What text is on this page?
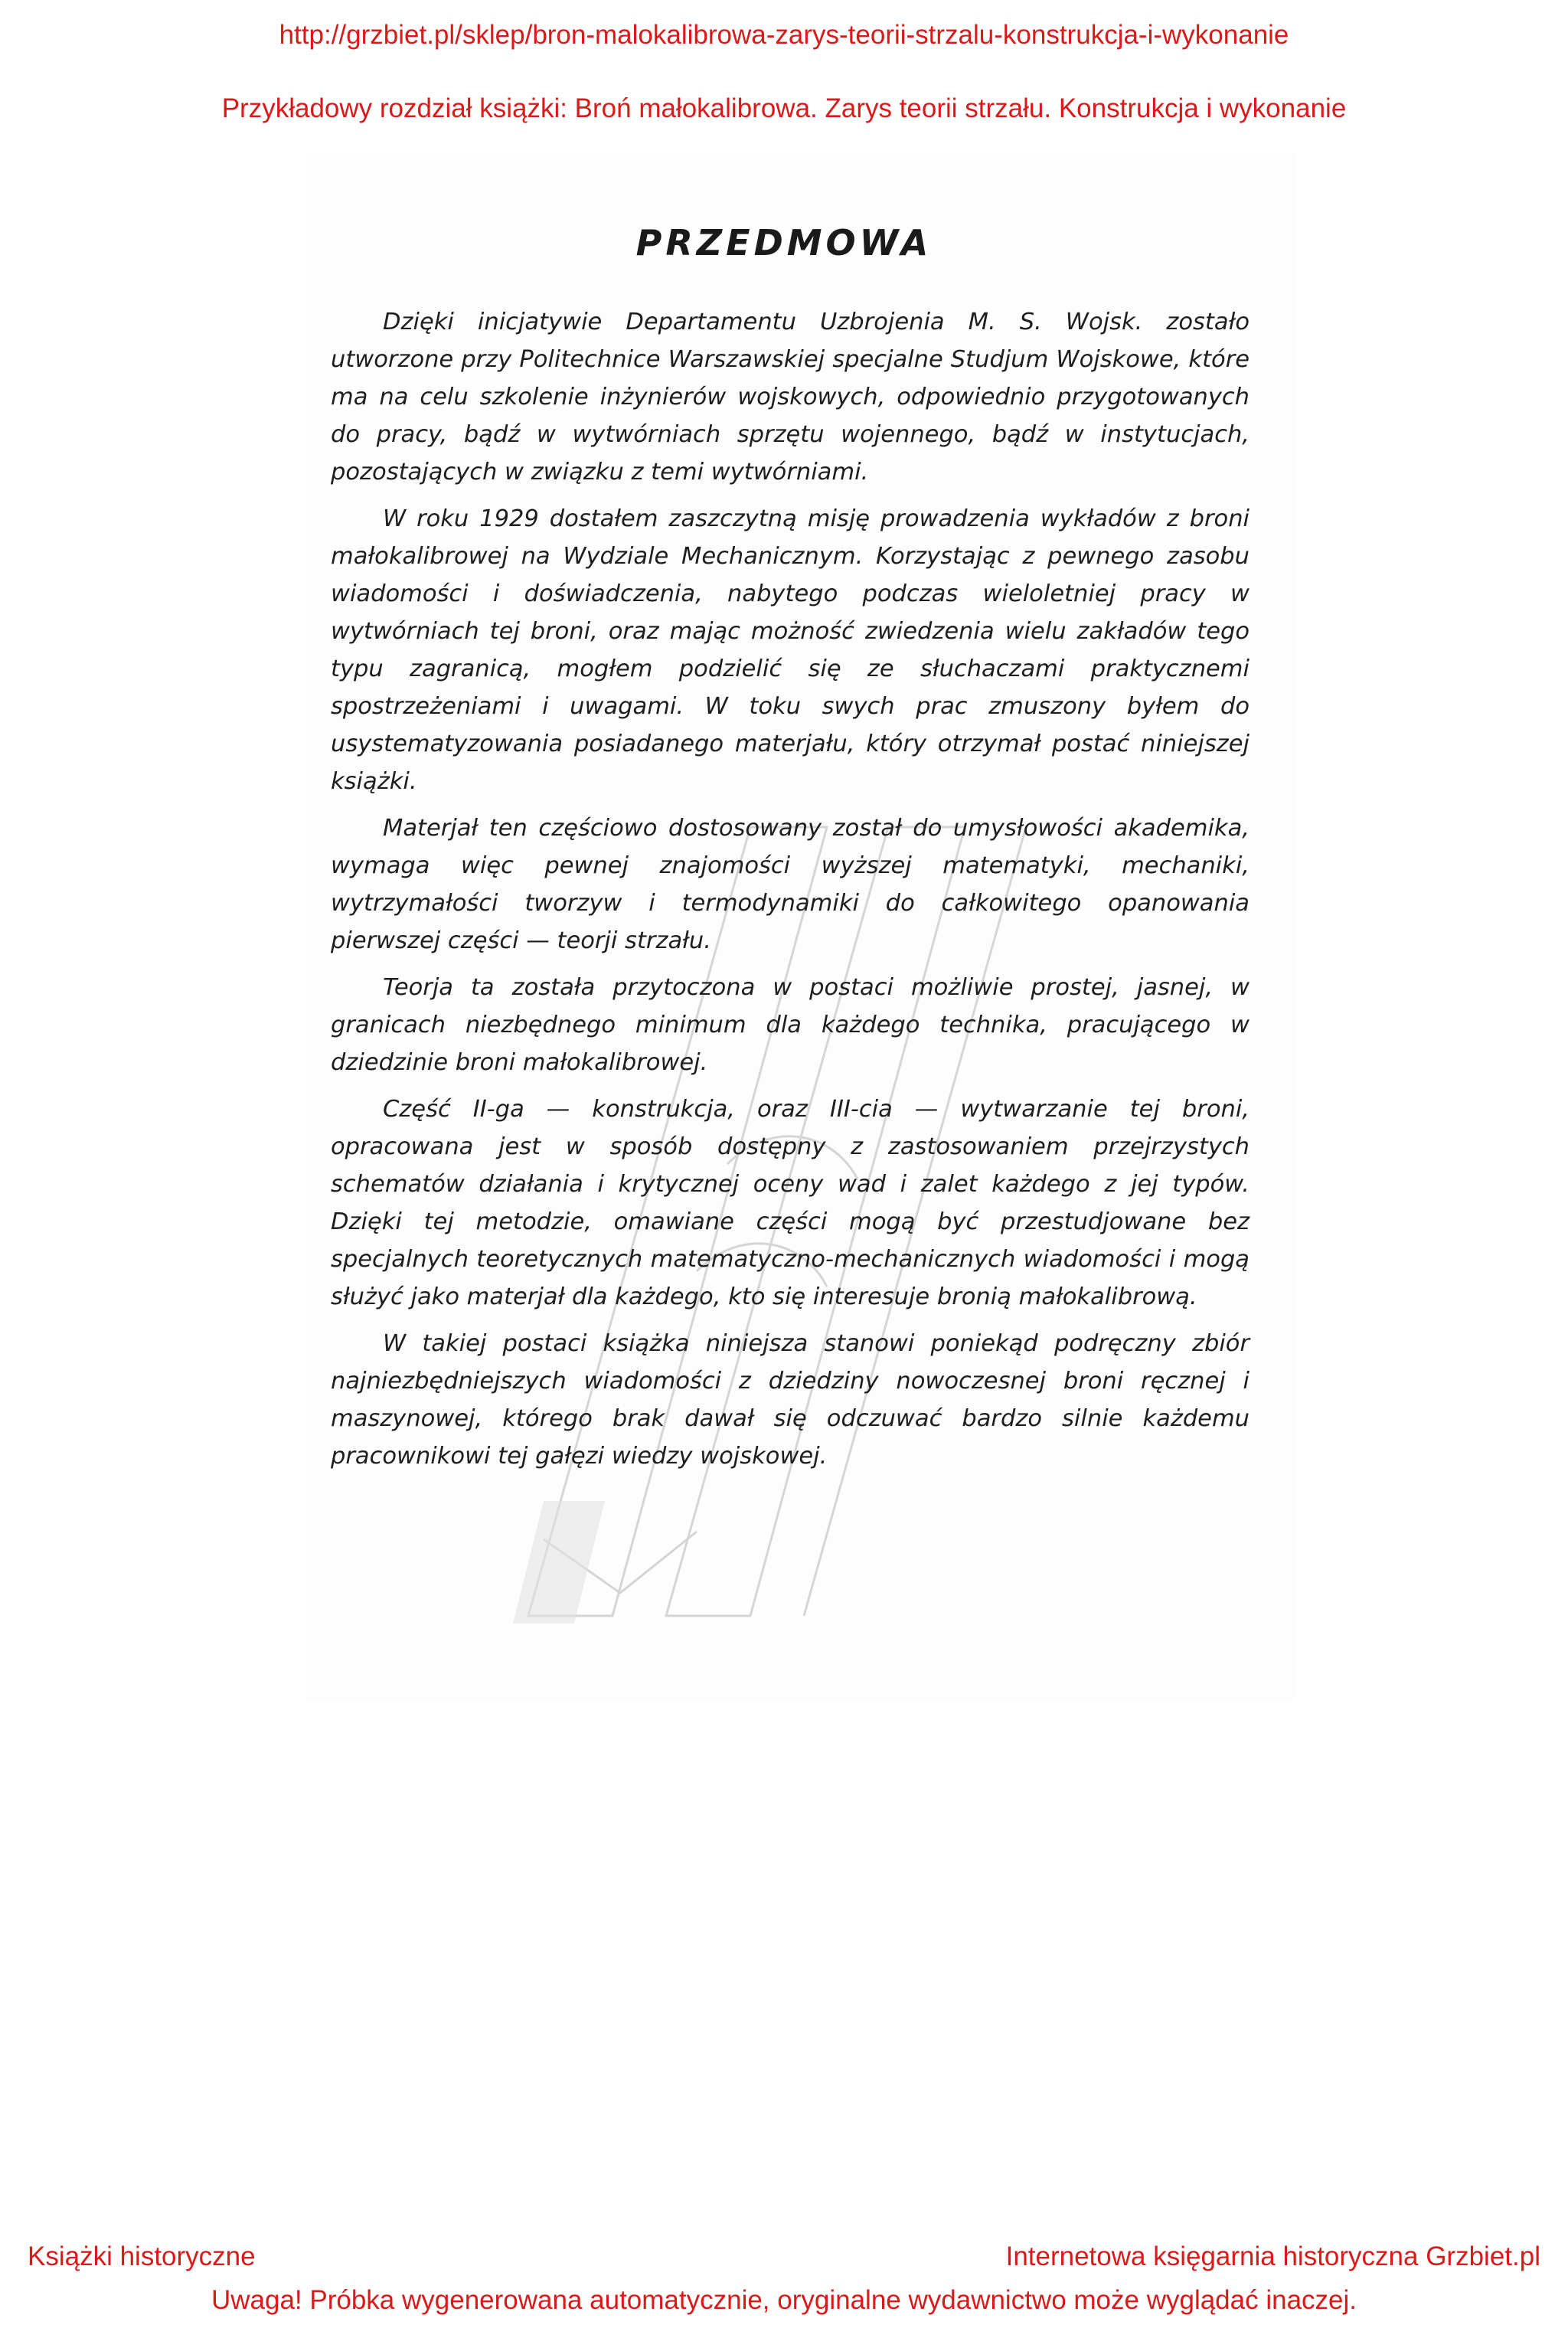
http://grzbiet.pl/sklep/bron-malokalibrowa-zarys-teorii-strzalu-konstrukcja-i-wykonanie
Przykładowy rozdział książki: Broń małokalibrowa. Zarys teorii strzału. Konstrukcja i wykonanie
PRZEDMOWA

Dzięki inicjatywie Departamentu Uzbrojenia M. S. Wojsk. zostało utworzone przy Politechnice Warszawskiej specjalne Studjum Wojskowe, które ma na celu szkolenie inżynierów wojskowych, odpowiednio przygotowanych do pracy, bądź w wytwórniach sprzętu wojennego, bądź w instytucjach, pozostających w związku z temi wytwórniami.

W roku 1929 dostałem zaszczytną misję prowadzenia wykładów z broni małokalibrowej na Wydziale Mechanicznym. Korzystając z pewnego zasobu wiadomości i doświadczenia, nabytego podczas wieloletniej pracy w wytwórniach tej broni, oraz mając możność zwiedzenia wielu zakładów tego typu zagranicą, mogłem podzielić się ze słuchaczami praktycznemi spostrzeżeniami i uwagami. W toku swych prac zmuszony byłem do usystematyzowania posiadanego materjału, który otrzymał postać niniejszej książki.

Materjał ten częściowo dostosowany został do umysłowości akademika, wymaga więc pewnej znajomości wyższej matematyki, mechaniki, wytrzymałości tworzyw i termodynamiki do całkowitego opanowania pierwszej części — teorji strzału.

Teorja ta została przytoczona w postaci możliwie prostej, jasnej, w granicach niezbędnego minimum dla każdego technika, pracującego w dziedzinie broni małokalibrowej.

Część II-ga — konstrukcja, oraz III-cia — wytwarzanie tej broni, opracowana jest w sposób dostępny z zastosowaniem przejrzystych schematów działania i krytycznej oceny wad i zalet każdego z jej typów. Dzięki tej metodzie, omawiane części mogą być przestudjowane bez specjalnych teoretycznych matematyczno-mechanicznych wiadomości i mogą służyć jako materjał dla każdego, kto się interesuje bronią małokalibrową.

W takiej postaci książka niniejsza stanowi poniekąd podręczny zbiór najniezbędniejszych wiadomości z dziedziny nowoczesnej broni ręcznej i maszynowej, którego brak dawał się odczuwać bardzo silnie każdemu pracownikowi tej gałęzi wiedzy wojskowej.

Książki historyczne	Internetowa księgarnia historyczna Grzbiet.pl
Uwaga! Próbka wygenerowana automatycznie, oryginalne wydawnictwo może wyglądać inaczej.
